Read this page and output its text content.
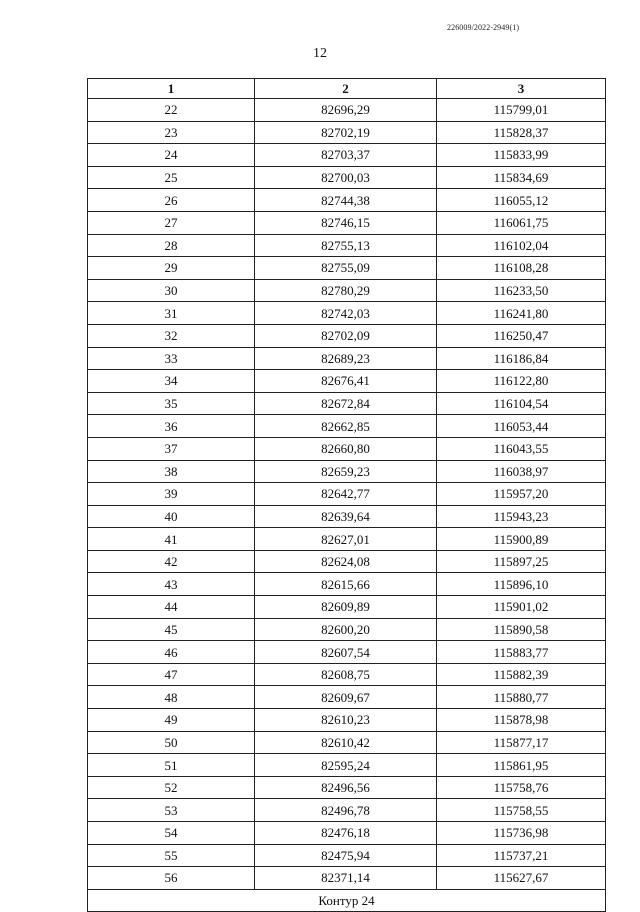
226009/2022-2949(1)
12
1	2	3
22	82696,29	115799,01
23	82702,19	115828,37
24	82703,37	115833,99
25	82700,03	115834,69
26	82744,38	116055,12
27	82746,15	116061,75
28	82755,13	116102,04
29	82755,09	116108,28
30	82780,29	116233,50
31	82742,03	116241,80
32	82702,09	116250,47
33	82689,23	116186,84
34	82676,41	116122,80
35	82672,84	116104,54
36	82662,85	116053,44
37	82660,80	116043,55
38	82659,23	116038,97
39	82642,77	115957,20
40	82639,64	115943,23
41	82627,01	115900,89
42	82624,08	115897,25
43	82615,66	115896,10
44	82609,89	115901,02
45	82600,20	115890,58
46	82607,54	115883,77
47	82608,75	115882,39
48	82609,67	115880,77
49	82610,23	115878,98
50	82610,42	115877,17
51	82595,24	115861,95
52	82496,56	115758,76
53	82496,78	115758,55
54	82476,18	115736,98
55	82475,94	115737,21
56	82371,14	115627,67
Контур 24		
